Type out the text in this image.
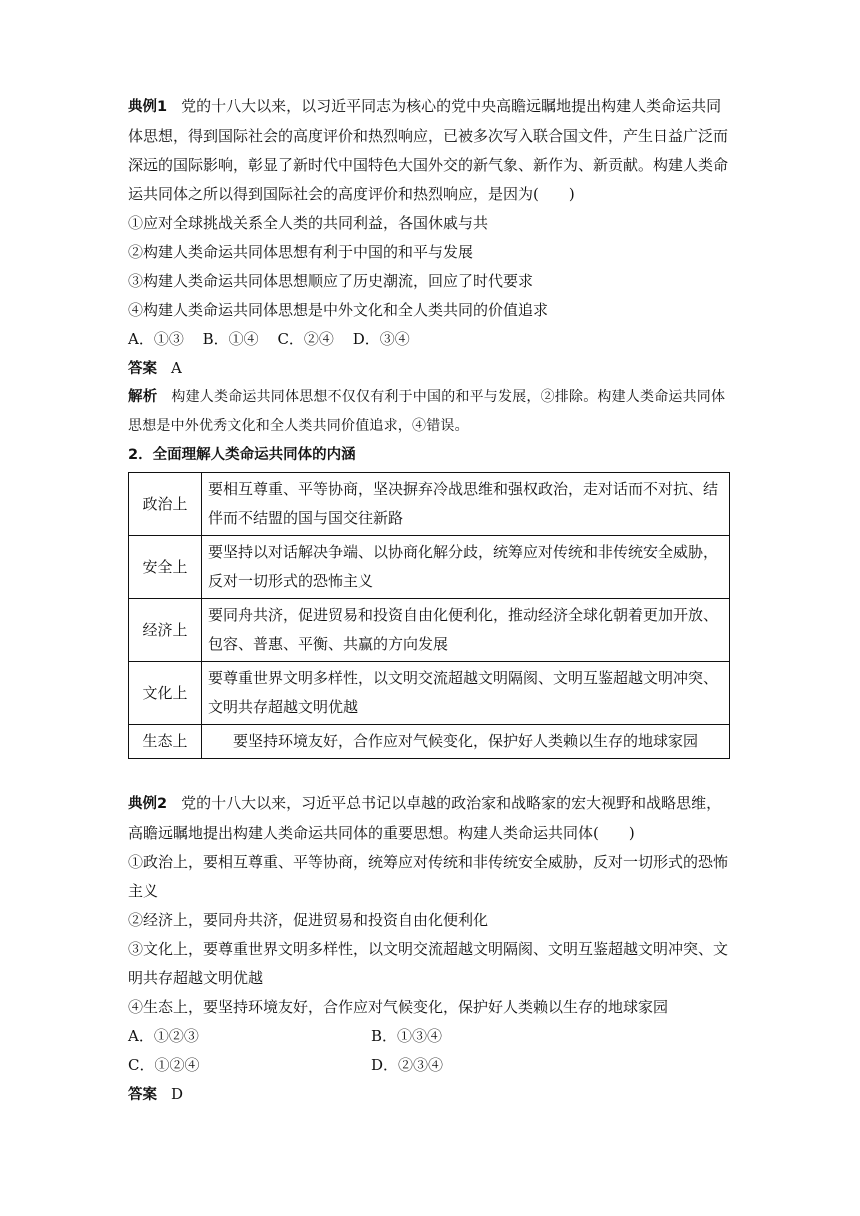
典例1 党的十八大以来，以习近平同志为核心的党中央高瞻远瞩地提出构建人类命运共同体思想，得到国际社会的高度评价和热烈响应，已被多次写入联合国文件，产生日益广泛而深远的国际影响，彰显了新时代中国特色大国外交的新气象、新作为、新贡献。构建人类命运共同体之所以得到国际社会的高度评价和热烈响应，是因为(　　)
①应对全球挑战关系全人类的共同利益，各国休戚与共
②构建人类命运共同体思想有利于中国的和平与发展
③构建人类命运共同体思想顺应了历史潮流，回应了时代要求
④构建人类命运共同体思想是中外文化和全人类共同的价值追求
A．①③ B．①④ C．②④ D．③④
答案 A
解析 构建人类命运共同体思想不仅仅有利于中国的和平与发展，②排除。构建人类命运共同体思想是中外优秀文化和全人类共同价值追求，④错误。
2．全面理解人类命运共同体的内涵
政治上	要相互尊重、平等协商，坚决摒弃冷战思维和强权政治，走对话而不对抗、结伴而不结盟的国与国交往新路
安全上	要坚持以对话解决争端、以协商化解分歧，统筹应对传统和非传统安全威胁，反对一切形式的恐怖主义
经济上	要同舟共济，促进贸易和投资自由化便利化，推动经济全球化朝着更加开放、包容、普惠、平衡、共赢的方向发展
文化上	要尊重世界文明多样性，以文明交流超越文明隔阂、文明互鉴超越文明冲突、文明共存超越文明优越
生态上	要坚持环境友好，合作应对气候变化，保护好人类赖以生存的地球家园
典例2 党的十八大以来，习近平总书记以卓越的政治家和战略家的宏大视野和战略思维，高瞻远瞩地提出构建人类命运共同体的重要思想。构建人类命运共同体(　　)
①政治上，要相互尊重、平等协商，统筹应对传统和非传统安全威胁，反对一切形式的恐怖主义
②经济上，要同舟共济，促进贸易和投资自由化便利化
③文化上，要尊重世界文明多样性，以文明交流超越文明隔阂、文明互鉴超越文明冲突、文明共存超越文明优越
④生态上，要坚持环境友好，合作应对气候变化，保护好人类赖以生存的地球家园
A．①②③	B．①③④
C．①②④	D．②③④
答案 D
